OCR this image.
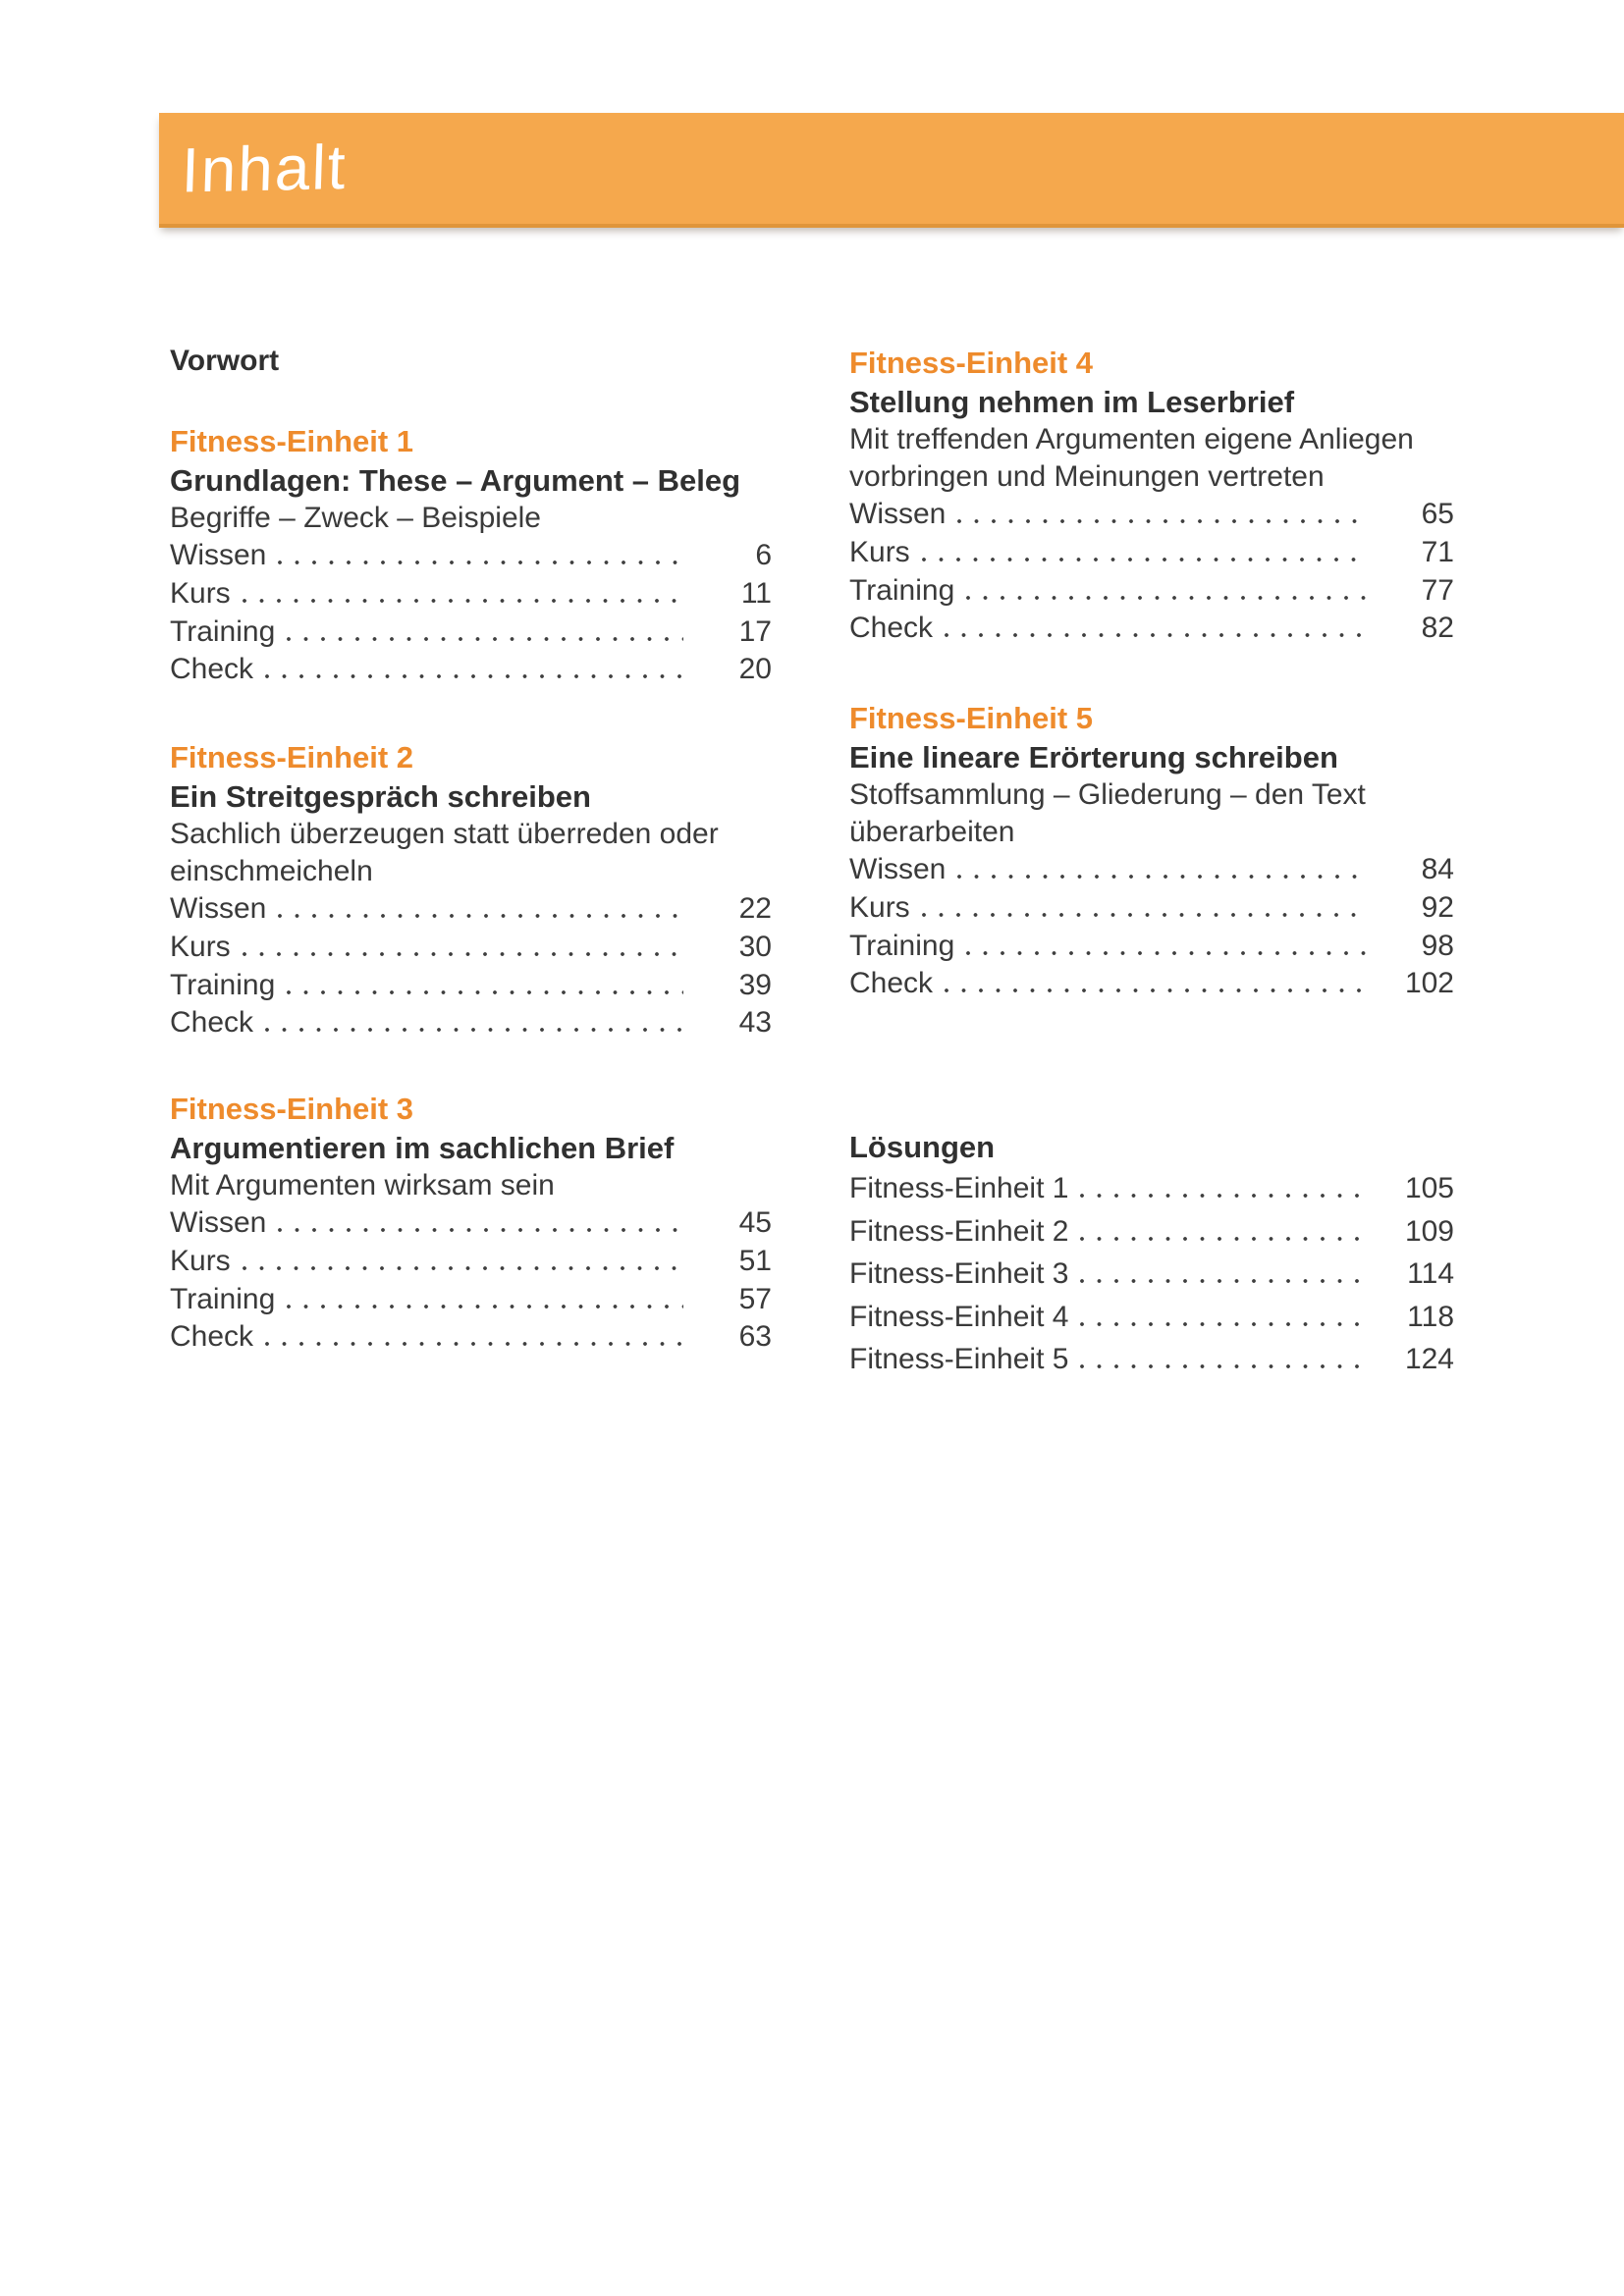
Inhalt
Vorwort
Fitness-Einheit 1
Grundlagen: These – Argument – Beleg
Begriffe – Zweck – Beispiele
Wissen	6
Kurs	11
Training	17
Check	20
Fitness-Einheit 2
Ein Streitgespräch schreiben
Sachlich überzeugen statt überreden oder
einschmeicheln
Wissen	22
Kurs	30
Training	39
Check	43
Fitness-Einheit 3
Argumentieren im sachlichen Brief
Mit Argumenten wirksam sein
Wissen	45
Kurs	51
Training	57
Check	63
Fitness-Einheit 4
Stellung nehmen im Leserbrief
Mit treffenden Argumenten eigene Anliegen
vorbringen und Meinungen vertreten
Wissen	65
Kurs	71
Training	77
Check	82
Fitness-Einheit 5
Eine lineare Erörterung schreiben
Stoffsammlung – Gliederung – den Text
überarbeiten
Wissen	84
Kurs	92
Training	98
Check	102
Lösungen
Fitness-Einheit 1	105
Fitness-Einheit 2	109
Fitness-Einheit 3	114
Fitness-Einheit 4	118
Fitness-Einheit 5	124
